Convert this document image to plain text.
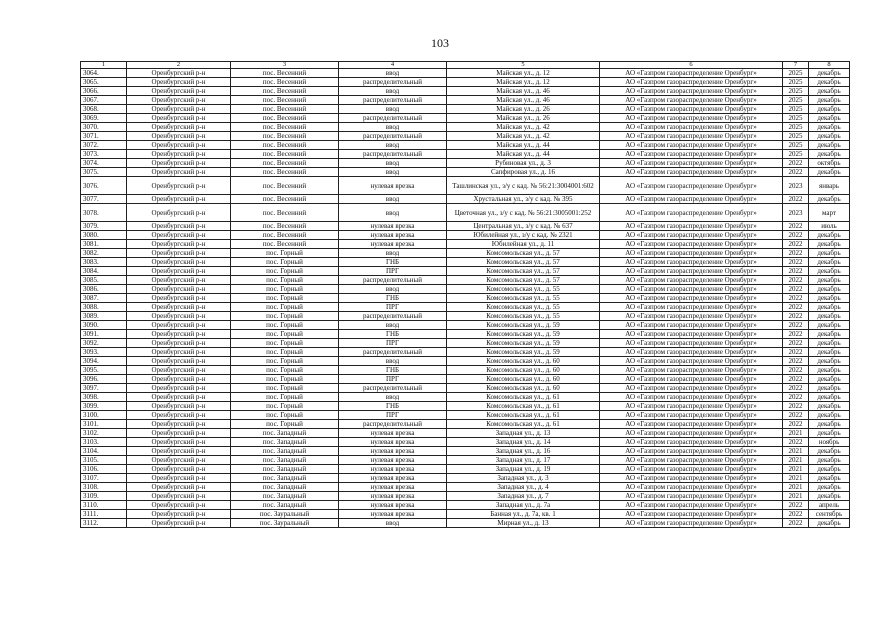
103
1	2	3	4	5	6	7	8
3064.	Оренбургский р-н	пос. Весенний	ввод	Майская ул., д. 12	АО «Газпром газораспределение Оренбург»	2025	декабрь
3065.	Оренбургский р-н	пос. Весенний	распределительный	Майская ул., д. 12	АО «Газпром газораспределение Оренбург»	2025	декабрь
3066.	Оренбургский р-н	пос. Весенний	ввод	Майская ул., д. 46	АО «Газпром газораспределение Оренбург»	2025	декабрь
3067.	Оренбургский р-н	пос. Весенний	распределительный	Майская ул., д. 46	АО «Газпром газораспределение Оренбург»	2025	декабрь
3068.	Оренбургский р-н	пос. Весенний	ввод	Майская ул., д. 26	АО «Газпром газораспределение Оренбург»	2025	декабрь
3069.	Оренбургский р-н	пос. Весенний	распределительный	Майская ул., д. 26	АО «Газпром газораспределение Оренбург»	2025	декабрь
3070.	Оренбургский р-н	пос. Весенний	ввод	Майская ул., д. 42	АО «Газпром газораспределение Оренбург»	2025	декабрь
3071.	Оренбургский р-н	пос. Весенний	распределительный	Майская ул., д. 42	АО «Газпром газораспределение Оренбург»	2025	декабрь
3072.	Оренбургский р-н	пос. Весенний	ввод	Майская ул., д. 44	АО «Газпром газораспределение Оренбург»	2025	декабрь
3073.	Оренбургский р-н	пос. Весенний	распределительный	Майская ул., д. 44	АО «Газпром газораспределение Оренбург»	2025	декабрь
3074.	Оренбургский р-н	пос. Весенний	ввод	Рубиновая ул., д. 3	АО «Газпром газораспределение Оренбург»	2022	октябрь
3075.	Оренбургский р-н	пос. Весенний	ввод	Сапфировая ул., д. 16	АО «Газпром газораспределение Оренбург»	2022	декабрь
3076.	Оренбургский р-н	пос. Весенний	нулевая врезка	Ташлинская ул., з/у с кад. № 56:21:3004001:602	АО «Газпром газораспределение Оренбург»	2023	январь
3077.	Оренбургский р-н	пос. Весенний	ввод	Хрустальная ул., з/у с кад. № 395	АО «Газпром газораспределение Оренбург»	2022	декабрь
3078.	Оренбургский р-н	пос. Весенний	ввод	Цветочная ул., з/у с кад. № 56:21:3005001:252	АО «Газпром газораспределение Оренбург»	2023	март
3079.	Оренбургский р-н	пос. Весенний	нулевая врезка	Центральная ул., з/у с кад. № 637	АО «Газпром газораспределение Оренбург»	2022	июль
3080.	Оренбургский р-н	пос. Весенний	нулевая врезка	Юбилейная ул., з/у с кад. № 2321	АО «Газпром газораспределение Оренбург»	2022	декабрь
3081.	Оренбургский р-н	пос. Весенний	нулевая врезка	Юбилейная ул., д. 11	АО «Газпром газораспределение Оренбург»	2022	декабрь
3082.	Оренбургский р-н	пос. Горный	ввод	Комсомольская ул., д. 57	АО «Газпром газораспределение Оренбург»	2022	декабрь
3083.	Оренбургский р-н	пос. Горный	ГНБ	Комсомольская ул., д. 57	АО «Газпром газораспределение Оренбург»	2022	декабрь
3084.	Оренбургский р-н	пос. Горный	ПРГ	Комсомольская ул., д. 57	АО «Газпром газораспределение Оренбург»	2022	декабрь
3085.	Оренбургский р-н	пос. Горный	распределительный	Комсомольская ул., д. 57	АО «Газпром газораспределение Оренбург»	2022	декабрь
3086.	Оренбургский р-н	пос. Горный	ввод	Комсомольская ул., д. 55	АО «Газпром газораспределение Оренбург»	2022	декабрь
3087.	Оренбургский р-н	пос. Горный	ГНБ	Комсомольская ул., д. 55	АО «Газпром газораспределение Оренбург»	2022	декабрь
3088.	Оренбургский р-н	пос. Горный	ПРГ	Комсомольская ул., д. 55	АО «Газпром газораспределение Оренбург»	2022	декабрь
3089.	Оренбургский р-н	пос. Горный	распределительный	Комсомольская ул., д. 55	АО «Газпром газораспределение Оренбург»	2022	декабрь
3090.	Оренбургский р-н	пос. Горный	ввод	Комсомольская ул., д. 59	АО «Газпром газораспределение Оренбург»	2022	декабрь
3091.	Оренбургский р-н	пос. Горный	ГНБ	Комсомольская ул., д. 59	АО «Газпром газораспределение Оренбург»	2022	декабрь
3092.	Оренбургский р-н	пос. Горный	ПРГ	Комсомольская ул., д. 59	АО «Газпром газораспределение Оренбург»	2022	декабрь
3093.	Оренбургский р-н	пос. Горный	распределительный	Комсомольская ул., д. 59	АО «Газпром газораспределение Оренбург»	2022	декабрь
3094.	Оренбургский р-н	пос. Горный	ввод	Комсомольская ул., д. 60	АО «Газпром газораспределение Оренбург»	2022	декабрь
3095.	Оренбургский р-н	пос. Горный	ГНБ	Комсомольская ул., д. 60	АО «Газпром газораспределение Оренбург»	2022	декабрь
3096.	Оренбургский р-н	пос. Горный	ПРГ	Комсомольская ул., д. 60	АО «Газпром газораспределение Оренбург»	2022	декабрь
3097.	Оренбургский р-н	пос. Горный	распределительный	Комсомольская ул., д. 60	АО «Газпром газораспределение Оренбург»	2022	декабрь
3098.	Оренбургский р-н	пос. Горный	ввод	Комсомольская ул., д. 61	АО «Газпром газораспределение Оренбург»	2022	декабрь
3099.	Оренбургский р-н	пос. Горный	ГНБ	Комсомольская ул., д. 61	АО «Газпром газораспределение Оренбург»	2022	декабрь
3100.	Оренбургский р-н	пос. Горный	ПРГ	Комсомольская ул., д. 61	АО «Газпром газораспределение Оренбург»	2022	декабрь
3101.	Оренбургский р-н	пос. Горный	распределительный	Комсомольская ул., д. 61	АО «Газпром газораспределение Оренбург»	2022	декабрь
3102.	Оренбургский р-н	пос. Западный	нулевая врезка	Западная ул., д. 13	АО «Газпром газораспределение Оренбург»	2021	декабрь
3103.	Оренбургский р-н	пос. Западный	нулевая врезка	Западная ул., д. 14	АО «Газпром газораспределение Оренбург»	2022	ноябрь
3104.	Оренбургский р-н	пос. Западный	нулевая врезка	Западная ул., д. 16	АО «Газпром газораспределение Оренбург»	2021	декабрь
3105.	Оренбургский р-н	пос. Западный	нулевая врезка	Западная ул., д. 17	АО «Газпром газораспределение Оренбург»	2021	декабрь
3106.	Оренбургский р-н	пос. Западный	нулевая врезка	Западная ул., д. 19	АО «Газпром газораспределение Оренбург»	2021	декабрь
3107.	Оренбургский р-н	пос. Западный	нулевая врезка	Западная ул., д. 3	АО «Газпром газораспределение Оренбург»	2021	декабрь
3108.	Оренбургский р-н	пос. Западный	нулевая врезка	Западная ул., д. 4	АО «Газпром газораспределение Оренбург»	2021	декабрь
3109.	Оренбургский р-н	пос. Западный	нулевая врезка	Западная ул., д. 7	АО «Газпром газораспределение Оренбург»	2021	декабрь
3110.	Оренбургский р-н	пос. Западный	нулевая врезка	Западная ул., д. 7а	АО «Газпром газораспределение Оренбург»	2022	апрель
3111.	Оренбургский р-н	пос. Зауральный	нулевая врезка	Банная ул., д. 7а, кв. 1	АО «Газпром газораспределение Оренбург»	2022	сентябрь
3112.	Оренбургский р-н	пос. Зауральный	ввод	Мирная ул., д. 13	АО «Газпром газораспределение Оренбург»	2022	декабрь
